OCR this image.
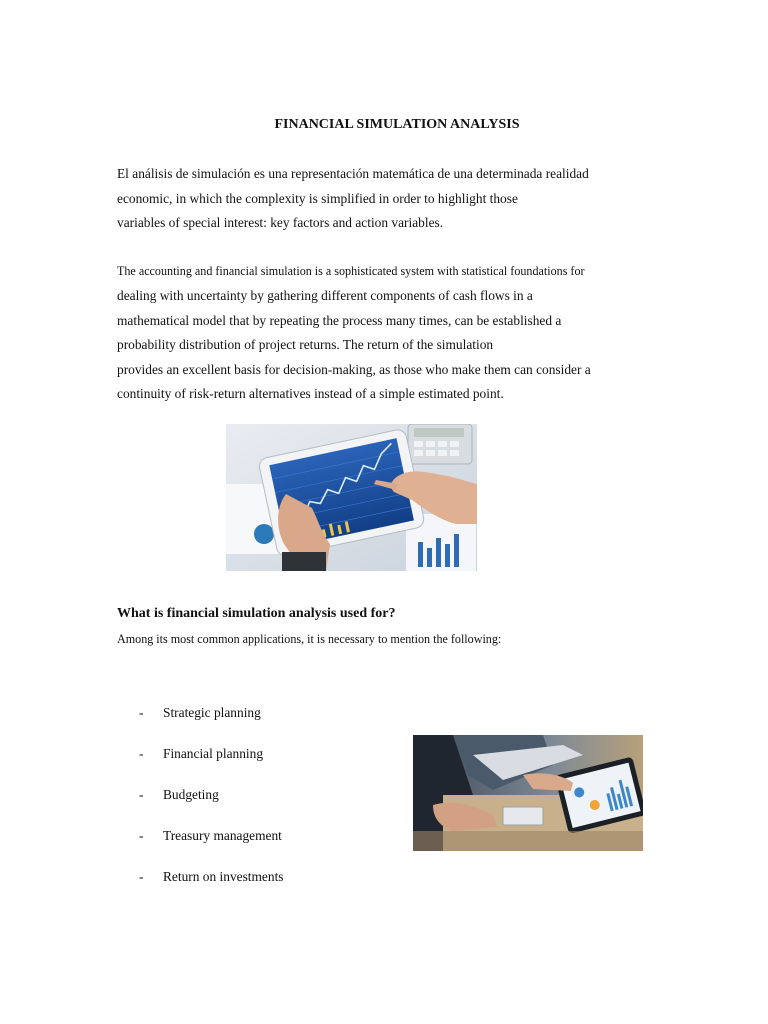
FINANCIAL SIMULATION ANALYSIS
El análisis de simulación es una representación matemática de una determinada realidad
economic, in which the complexity is simplified in order to highlight those
variables of special interest: key factors and action variables.
The accounting and financial simulation is a sophisticated system with statistical foundations for
dealing with uncertainty by gathering different components of cash flows in a
mathematical model that by repeating the process many times, can be established a
probability distribution of project returns. The return of the simulation
provides an excellent basis for decision-making, as those who make them can consider a
continuity of risk-return alternatives instead of a simple estimated point.
What is financial simulation analysis used for?
Among its most common applications, it is necessary to mention the following:
- Strategic planning
- Financial planning
- Budgeting
- Treasury management
- Return on investments
